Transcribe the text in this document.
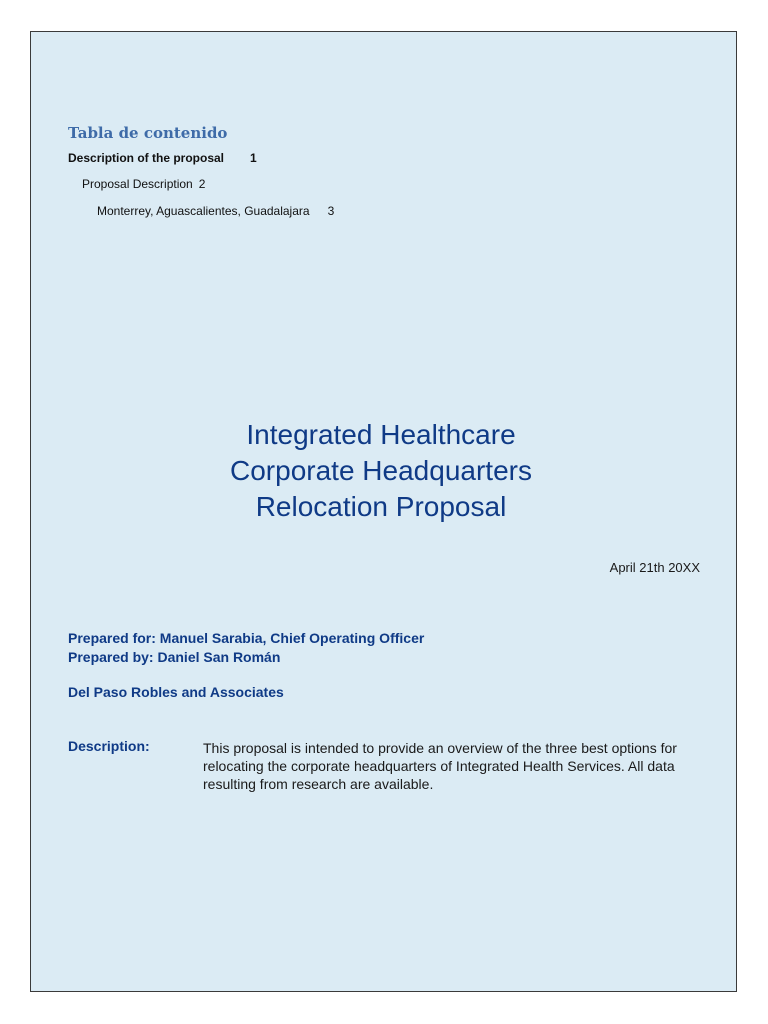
Tabla de contenido
Description of the proposal 1
Proposal Description 2
Monterrey, Aguascalientes, Guadalajara 3
Integrated Healthcare
Corporate Headquarters
Relocation Proposal
April 21th 20XX
Prepared for: Manuel Sarabia, Chief Operating Officer
Prepared by: Daniel San Román
Del Paso Robles and Associates
Description:	This proposal is intended to provide an overview of the three best options for relocating the corporate headquarters of Integrated Health Services. All data resulting from research are available.
